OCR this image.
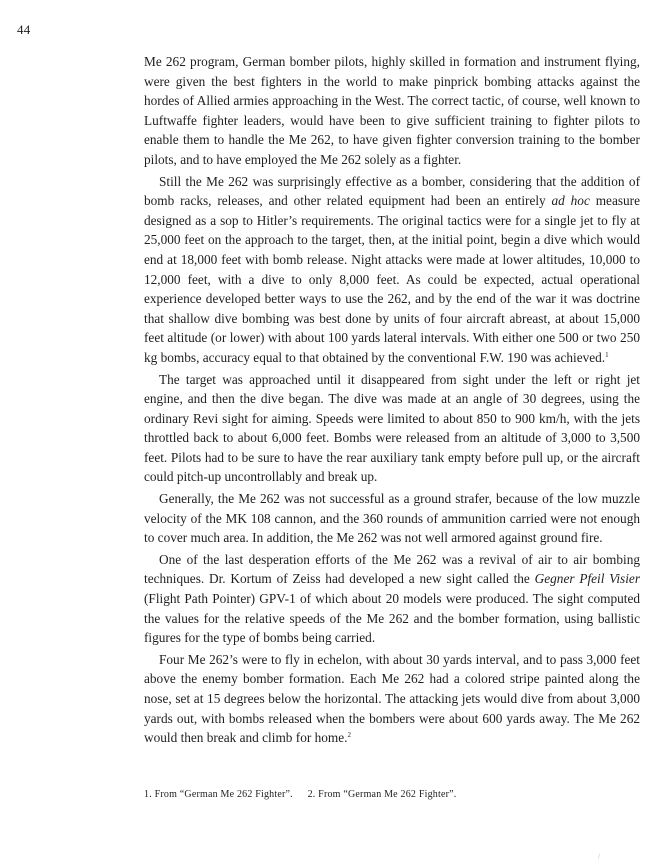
44

Me 262 program, German bomber pilots, highly skilled in formation and instrument flying, were given the best fighters in the world to make pinprick bombing attacks against the hordes of Allied armies approaching in the West. The correct tactic, of course, well known to Luftwaffe fighter leaders, would have been to give sufficient training to fighter pilots to enable them to handle the Me 262, to have given fighter conversion training to the bomber pilots, and to have employed the Me 262 solely as a fighter.

Still the Me 262 was surprisingly effective as a bomber, considering that the addition of bomb racks, releases, and other related equipment had been an entirely ad hoc measure designed as a sop to Hitler’s requirements. The original tactics were for a single jet to fly at 25,000 feet on the approach to the target, then, at the initial point, begin a dive which would end at 18,000 feet with bomb release. Night attacks were made at lower altitudes, 10,000 to 12,000 feet, with a dive to only 8,000 feet. As could be expected, actual operational experience developed better ways to use the 262, and by the end of the war it was doctrine that shallow dive bombing was best done by units of four aircraft abreast, at about 15,000 feet altitude (or lower) with about 100 yards lateral intervals. With either one 500 or two 250 kg bombs, accuracy equal to that obtained by the conventional F.W. 190 was achieved.$^1$

The target was approached until it disappeared from sight under the left or right jet engine, and then the dive began. The dive was made at an angle of 30 degrees, using the ordinary Revi sight for aiming. Speeds were limited to about 850 to 900 km/h, with the jets throttled back to about 6,000 feet. Bombs were released from an altitude of 3,000 to 3,500 feet. Pilots had to be sure to have the rear auxiliary tank empty before pull up, or the aircraft could pitch-up uncontrollably and break up.

Generally, the Me 262 was not successful as a ground strafer, because of the low muzzle velocity of the MK 108 cannon, and the 360 rounds of ammunition carried were not enough to cover much area. In addition, the Me 262 was not well armored against ground fire.

One of the last desperation efforts of the Me 262 was a revival of air to air bombing techniques. Dr. Kortum of Zeiss had developed a new sight called the Gegner Pfeil Visier (Flight Path Pointer) GPV-1 of which about 20 models were produced. The sight computed the values for the relative speeds of the Me 262 and the bomber formation, using ballistic figures for the type of bombs being carried.

Four Me 262’s were to fly in echelon, with about 30 yards interval, and to pass 3,000 feet above the enemy bomber formation. Each Me 262 had a colored stripe painted along the nose, set at 15 degrees below the horizontal. The attacking jets would dive from about 3,000 yards out, with bombs released when the bombers were about 600 yards away. The Me 262 would then break and climb for home.$^2$

1. From “German Me 262 Fighter”. 2. From “German Me 262 Fighter”.
/
